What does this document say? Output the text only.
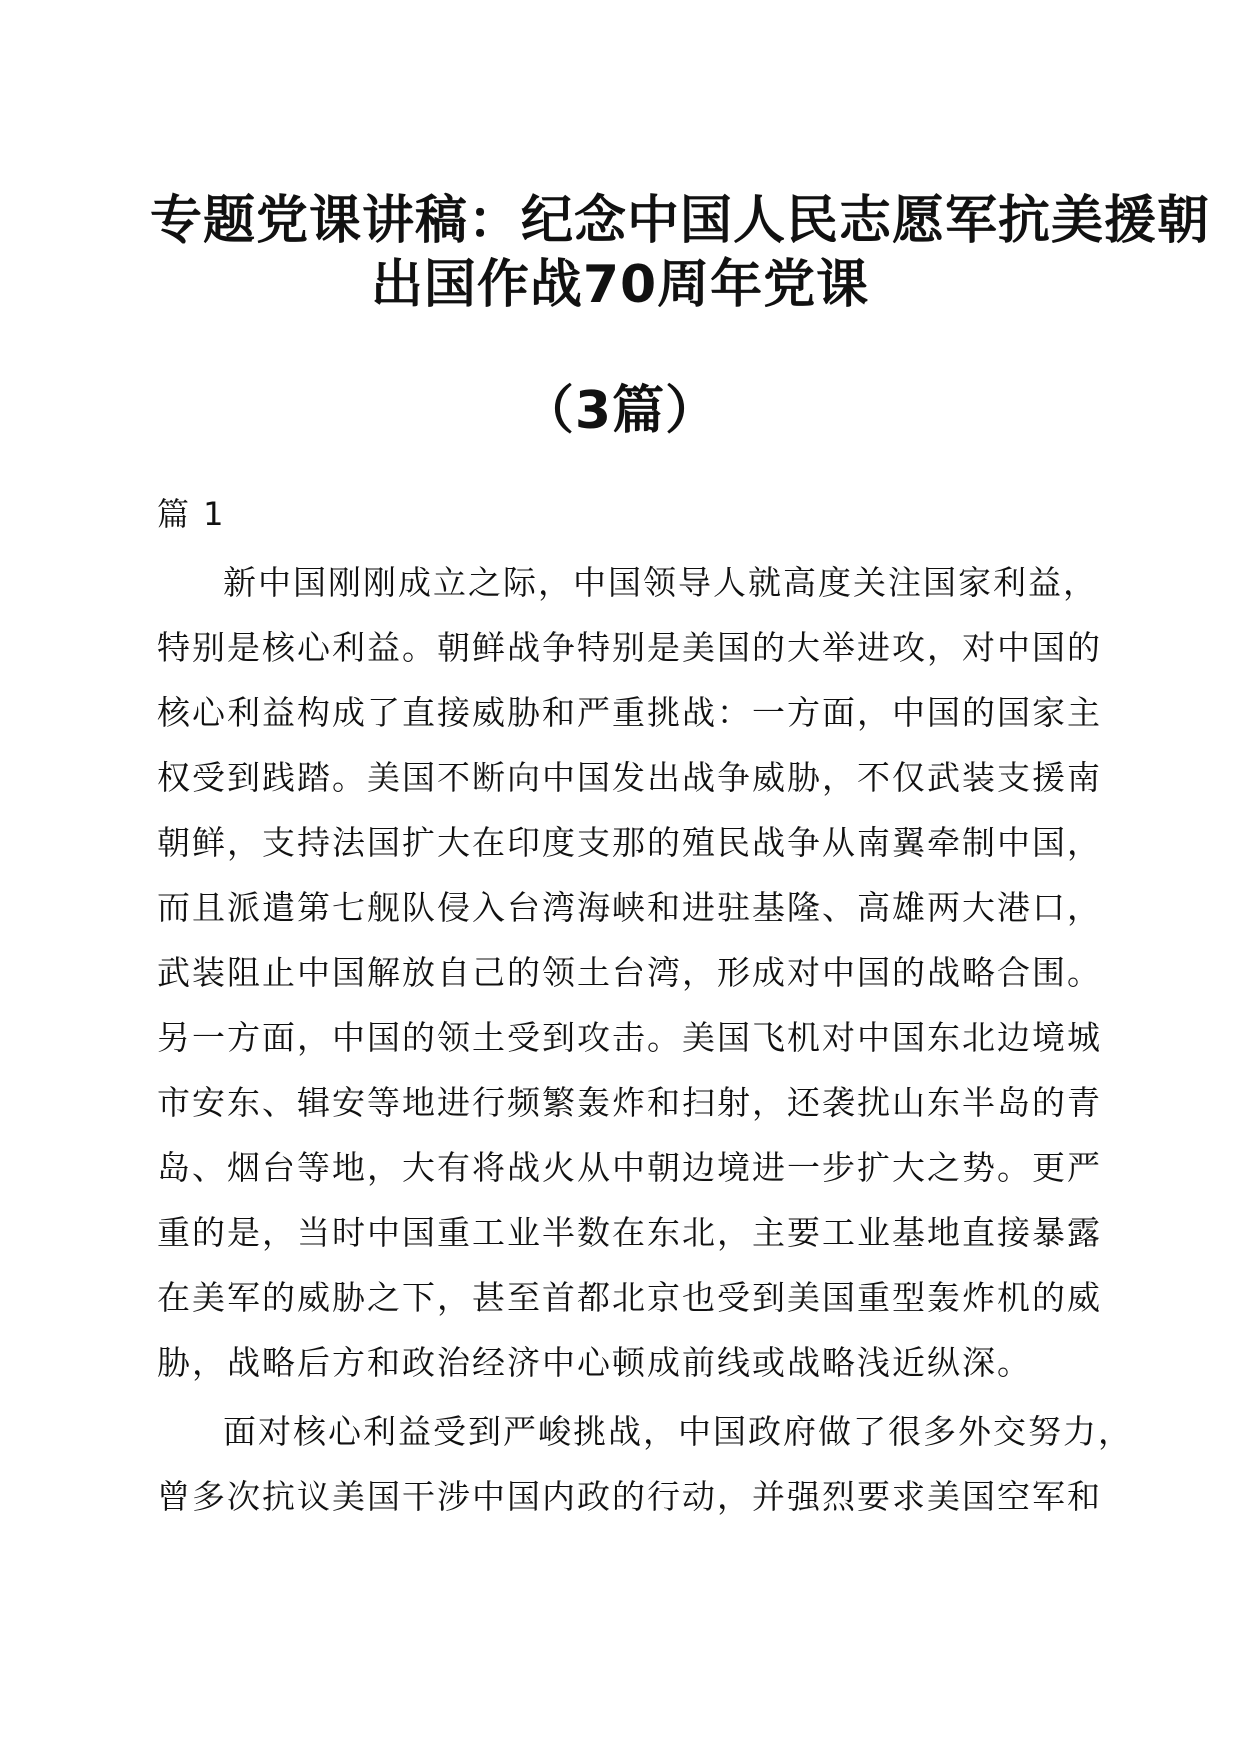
专题党课讲稿：纪念中国人民志愿军抗美援朝
出国作战70周年党课
（3篇）
篇 1
新中国刚刚成立之际，中国领导人就高度关注国家利益，
特别是核心利益。朝鲜战争特别是美国的大举进攻，对中国的
核心利益构成了直接威胁和严重挑战：一方面，中国的国家主
权受到践踏。美国不断向中国发出战争威胁，不仅武装支援南
朝鲜，支持法国扩大在印度支那的殖民战争从南翼牵制中国，
而且派遣第七舰队侵入台湾海峡和进驻基隆、高雄两大港口，
武装阻止中国解放自己的领土台湾，形成对中国的战略合围。
另一方面，中国的领土受到攻击。美国飞机对中国东北边境城
市安东、辑安等地进行频繁轰炸和扫射，还袭扰山东半岛的青
岛、烟台等地，大有将战火从中朝边境进一步扩大之势。更严
重的是，当时中国重工业半数在东北，主要工业基地直接暴露
在美军的威胁之下，甚至首都北京也受到美国重型轰炸机的威
胁，战略后方和政治经济中心顿成前线或战略浅近纵深。
面对核心利益受到严峻挑战，中国政府做了很多外交努力，
曾多次抗议美国干涉中国内政的行动，并强烈要求美国空军和
